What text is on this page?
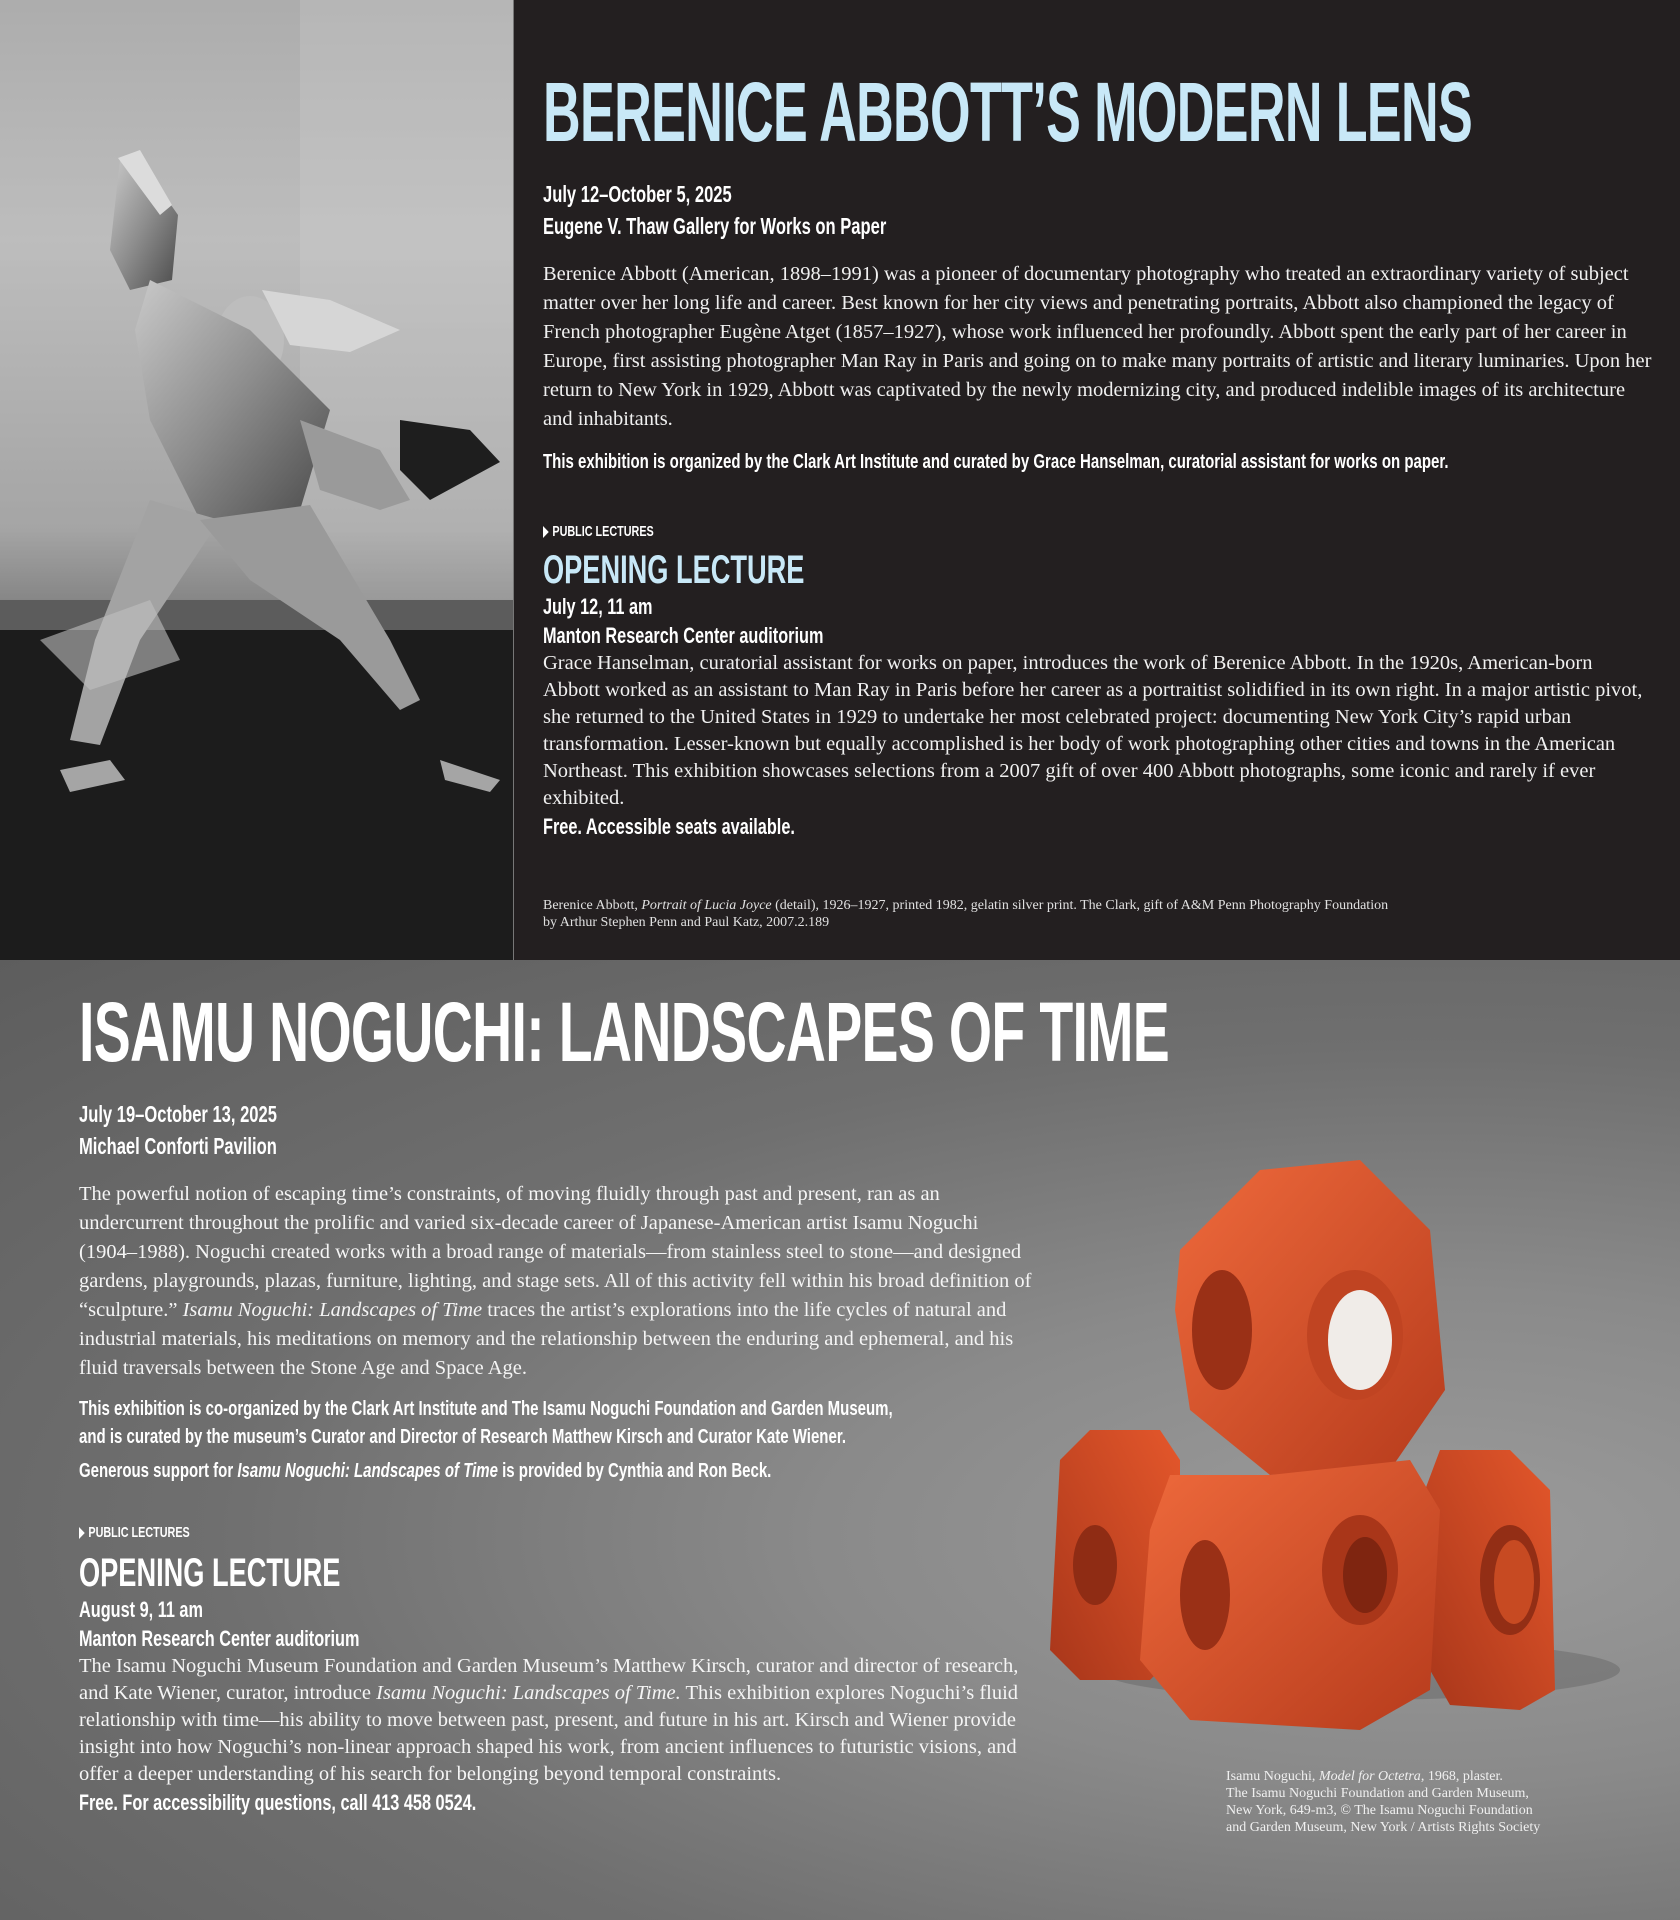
BERENICE ABBOTT’S MODERN LENS
July 12–October 5, 2025
Eugene V. Thaw Gallery for Works on Paper

Berenice Abbott (American, 1898–1991) was a pioneer of documentary photography who treated an extraordinary variety of subject matter over her long life and career. Best known for her city views and penetrating portraits, Abbott also championed the legacy of French photographer Eugène Atget (1857–1927), whose work influenced her profoundly. Abbott spent the early part of her career in Europe, first assisting photographer Man Ray in Paris and going on to make many portraits of artistic and literary luminaries. Upon her return to New York in 1929, Abbott was captivated by the newly modernizing city, and produced indelible images of its architecture and inhabitants.

This exhibition is organized by the Clark Art Institute and curated by Grace Hanselman, curatorial assistant for works on paper.

PUBLIC LECTURES
OPENING LECTURE
July 12, 11 am
Manton Research Center auditorium

Grace Hanselman, curatorial assistant for works on paper, introduces the work of Berenice Abbott. In the 1920s, American-born Abbott worked as an assistant to Man Ray in Paris before her career as a portraitist solidified in its own right. In a major artistic pivot, she returned to the United States in 1929 to undertake her most celebrated project: documenting New York City’s rapid urban transformation. Lesser-known but equally accomplished is her body of work photographing other cities and towns in the American Northeast. This exhibition showcases selections from a 2007 gift of over 400 Abbott photographs, some iconic and rarely if ever exhibited.

Free. Accessible seats available.

Berenice Abbott, Portrait of Lucia Joyce (detail), 1926–1927, printed 1982, gelatin silver print. The Clark, gift of A&M Penn Photography Foundation
by Arthur Stephen Penn and Paul Katz, 2007.2.189

ISAMU NOGUCHI: LANDSCAPES OF TIME
July 19–October 13, 2025
Michael Conforti Pavilion

The powerful notion of escaping time’s constraints, of moving fluidly through past and present, ran as an undercurrent throughout the prolific and varied six-decade career of Japanese-American artist Isamu Noguchi (1904–1988). Noguchi created works with a broad range of materials—from stainless steel to stone—and designed gardens, playgrounds, plazas, furniture, lighting, and stage sets. All of this activity fell within his broad definition of “sculpture.” Isamu Noguchi: Landscapes of Time traces the artist’s explorations into the life cycles of natural and industrial materials, his meditations on memory and the relationship between the enduring and ephemeral, and his fluid traversals between the Stone Age and Space Age.

This exhibition is co-organized by the Clark Art Institute and The Isamu Noguchi Foundation and Garden Museum,
and is curated by the museum’s Curator and Director of Research Matthew Kirsch and Curator Kate Wiener.
Generous support for Isamu Noguchi: Landscapes of Time is provided by Cynthia and Ron Beck.
PUBLIC LECTURES
OPENING LECTURE
August 9, 11 am
Manton Research Center auditorium

The Isamu Noguchi Museum Foundation and Garden Museum’s Matthew Kirsch, curator and director of research, and Kate Wiener, curator, introduce Isamu Noguchi: Landscapes of Time. This exhibition explores Noguchi’s fluid relationship with time—his ability to move between past, present, and future in his art. Kirsch and Wiener provide insight into how Noguchi’s non-linear approach shaped his work, from ancient influences to futuristic visions, and offer a deeper understanding of his search for belonging beyond temporal constraints.

Free. For accessibility questions, call 413 458 0524.

Isamu Noguchi, Model for Octetra, 1968, plaster.
The Isamu Noguchi Foundation and Garden Museum,
New York, 649-m3, © The Isamu Noguchi Foundation
and Garden Museum, New York / Artists Rights Society
